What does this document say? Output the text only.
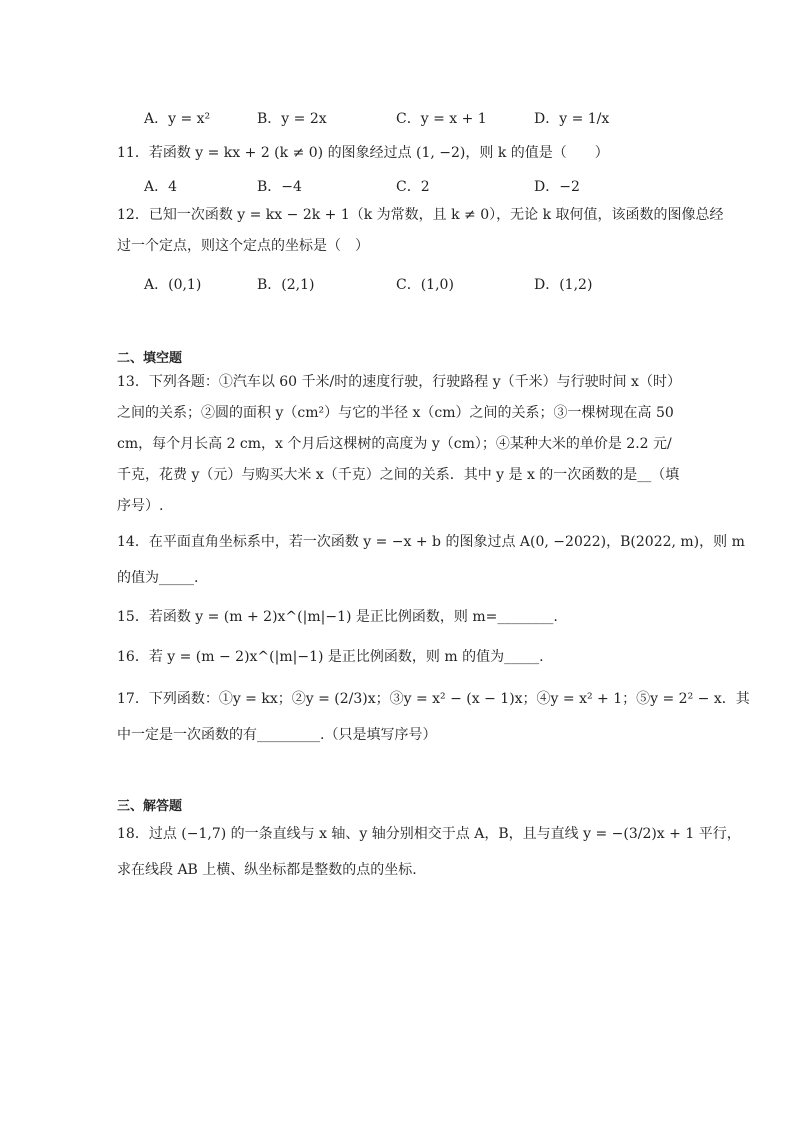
A．y = x²	B．y = 2x	C．y = x + 1	D．y = 1/x
11．若函数 y = kx + 2 (k ≠ 0) 的图象经过点 (1, −2)，则 k 的值是（　　）
A．4	B．−4	C．2	D．−2
12．已知一次函数 y = kx − 2k + 1（k 为常数，且 k ≠ 0），无论 k 取何值，该函数的图像总经
过一个定点，则这个定点的坐标是（　）
A．(0,1)	B．(2,1)	C．(1,0)	D．(1,2)
二、填空题
13．下列各题：①汽车以 60 千米/时的速度行驶，行驶路程 y（千米）与行驶时间 x（时）
之间的关系；②圆的面积 y（cm²）与它的半径 x（cm）之间的关系；③一棵树现在高 50
cm，每个月长高 2 cm，x 个月后这棵树的高度为 y（cm）；④某种大米的单价是 2.2 元/
千克，花费 y（元）与购买大米 x（千克）之间的关系．其中 y 是 x 的一次函数的是__（填
序号）.
14．在平面直角坐标系中，若一次函数 y = −x + b 的图象过点 A(0, −2022)，B(2022, m)，则 m
的值为_____.
15．若函数 y = (m + 2)x^(|m|−1) 是正比例函数，则 m=________.
16．若 y = (m − 2)x^(|m|−1) 是正比例函数，则 m 的值为_____.
17．下列函数：①y = kx；②y = (2/3)x；③y = x² − (x − 1)x；④y = x² + 1；⑤y = 2² − x．其
中一定是一次函数的有_________.（只是填写序号）
三、解答题
18．过点 (−1,7) 的一条直线与 x 轴、y 轴分别相交于点 A，B，且与直线 y = −(3/2)x + 1 平行，
求在线段 AB 上横、纵坐标都是整数的点的坐标.
